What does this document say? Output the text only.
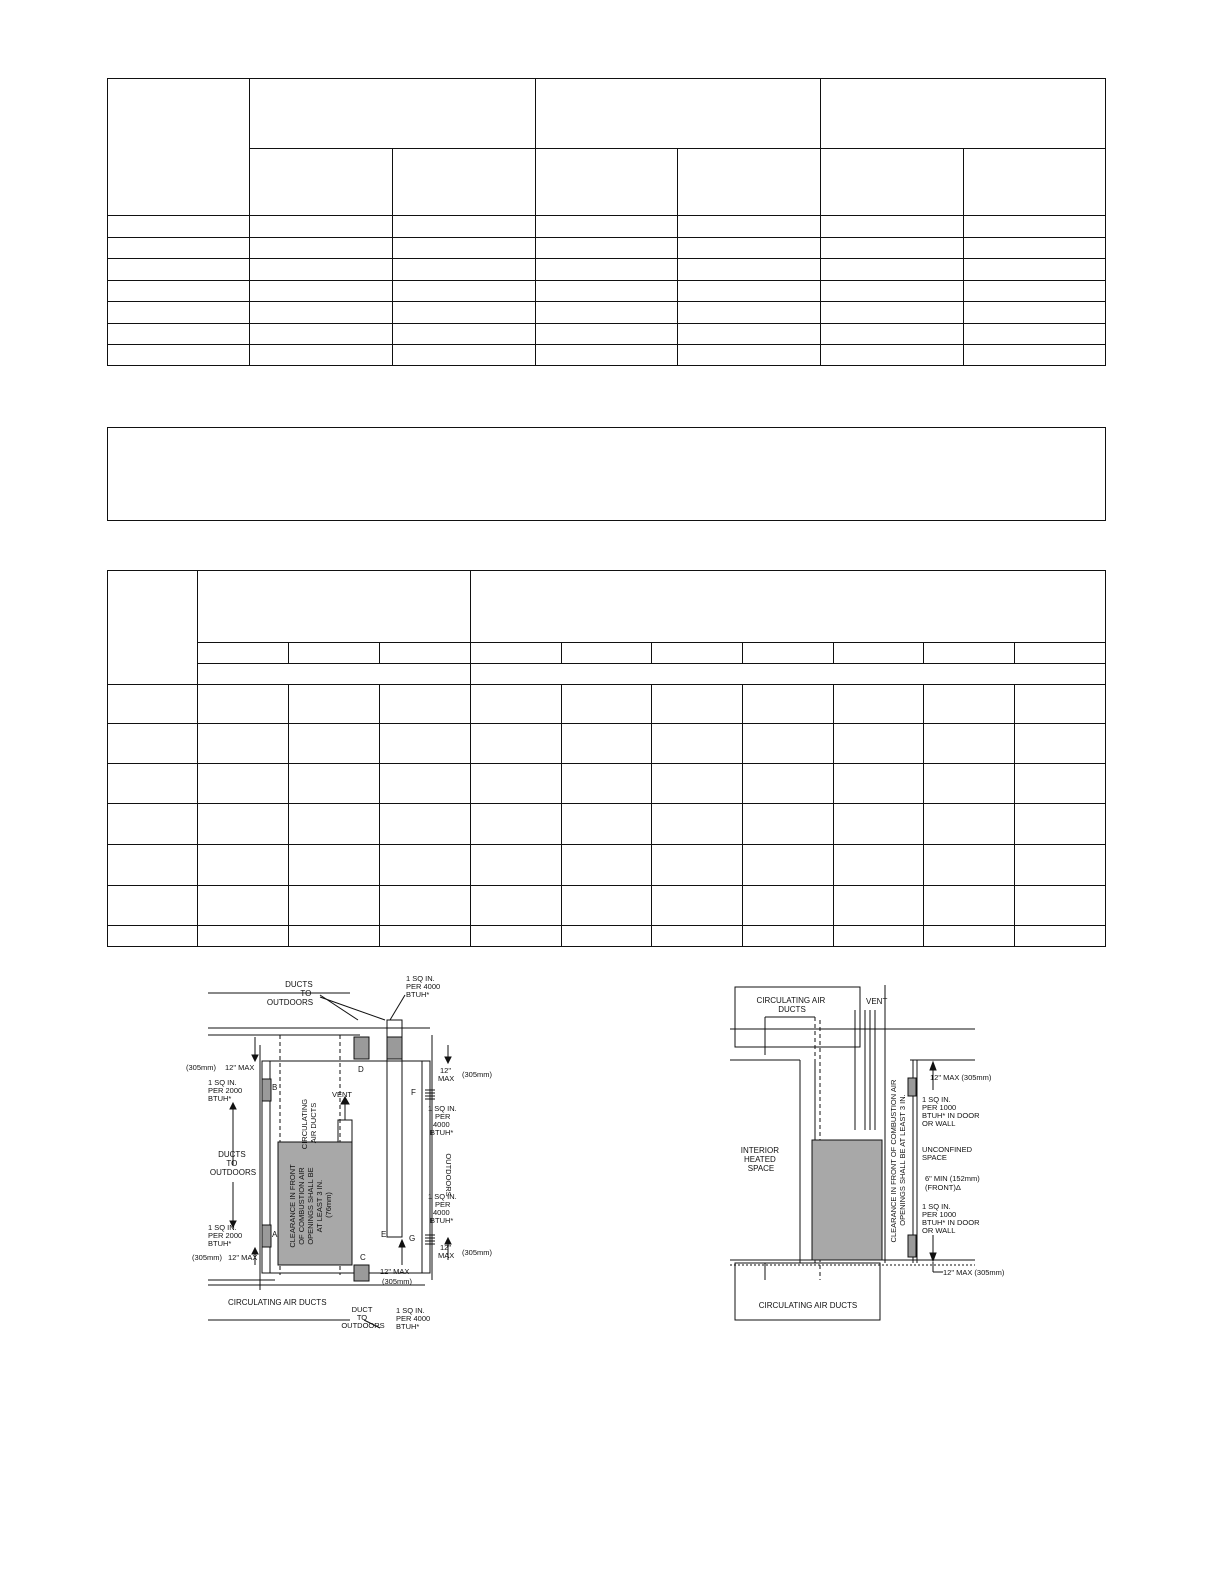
DUCTS TO OUTDOORS
1 SQ IN. PER 4000 BTUH*
(305mm) 12" MAX
1 SQ IN. PER 2000 BTUH*
B
D
F
A
C
E	G
12" MAX (305mm)
CIRCULATING AIR DUCTS
VENT
1 SQ IN. PER 4000 BTUH*
DUCTS TO OUTDOORS	CLEARANCE IN FRONT OF COMBUSTION AIR OPENINGS SHALL BE AT LEAST 3 IN. (76mm)
OUTDOORS
1 SQ IN. PER 4000 BTUH*
1 SQ IN. PER 2000 BTUH*
(305mm) 12" MAX
12" MAX (305mm)
12" MAX
(305mm)
CIRCULATING AIR DUCTS
DUCT TO OUTDOORS
1 SQ IN. PER 4000 BTUH*
CIRCULATING AIR DUCTS
VENT
12" MAX (305mm)
1 SQ IN. PER 1000 BTUH* IN DOOR OR WALL
INTERIOR HEATED SPACE	CLEARANCE IN FRONT OF COMBUSTION AIR OPENINGS SHALL BE AT LEAST 3 IN. UNCONFINED SPACE
6" MIN (152mm) (FRONT)Δ
1 SQ IN. PER 1000 BTUH* IN DOOR OR WALL
12" MAX (305mm)
CIRCULATING AIR DUCTS
